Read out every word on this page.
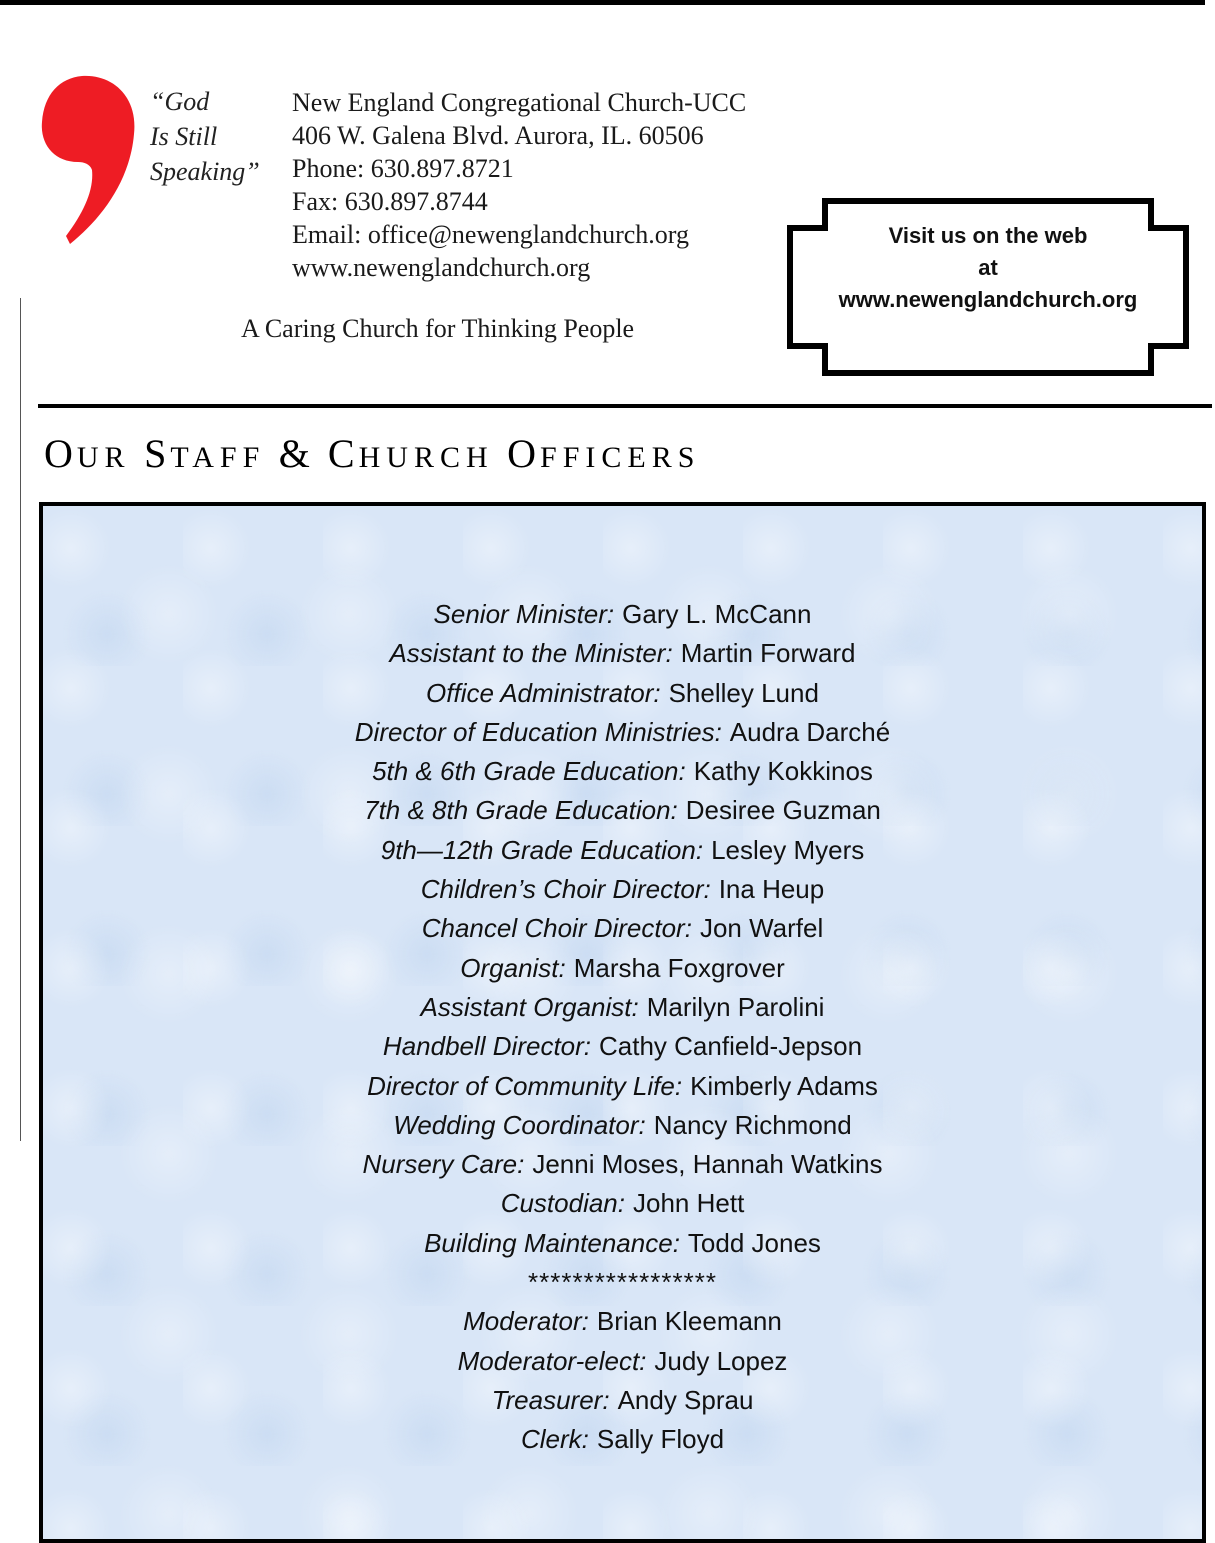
“God
Is Still
Speaking”
New England Congregational Church-UCC
406 W. Galena Blvd. Aurora, IL. 60506
Phone: 630.897.8721
Fax: 630.897.8744
Email: office@newenglandchurch.org
www.newenglandchurch.org
A Caring Church for Thinking People
Visit us on the web
at
www.newenglandchurch.org
OUR STAFF & CHURCH OFFICERS
Senior Minister: Gary L. McCann
Assistant to the Minister: Martin Forward
Office Administrator: Shelley Lund
Director of Education Ministries: Audra Darché
5th & 6th Grade Education: Kathy Kokkinos
7th & 8th Grade Education: Desiree Guzman
9th—12th Grade Education: Lesley Myers
Children’s Choir Director: Ina Heup
Chancel Choir Director: Jon Warfel
Organist: Marsha Foxgrover
Assistant Organist: Marilyn Parolini
Handbell Director: Cathy Canfield-Jepson
Director of Community Life: Kimberly Adams
Wedding Coordinator: Nancy Richmond
Nursery Care: Jenni Moses, Hannah Watkins
Custodian: John Hett
Building Maintenance: Todd Jones
*****************
Moderator: Brian Kleemann
Moderator-elect: Judy Lopez
Treasurer: Andy Sprau
Clerk: Sally Floyd
